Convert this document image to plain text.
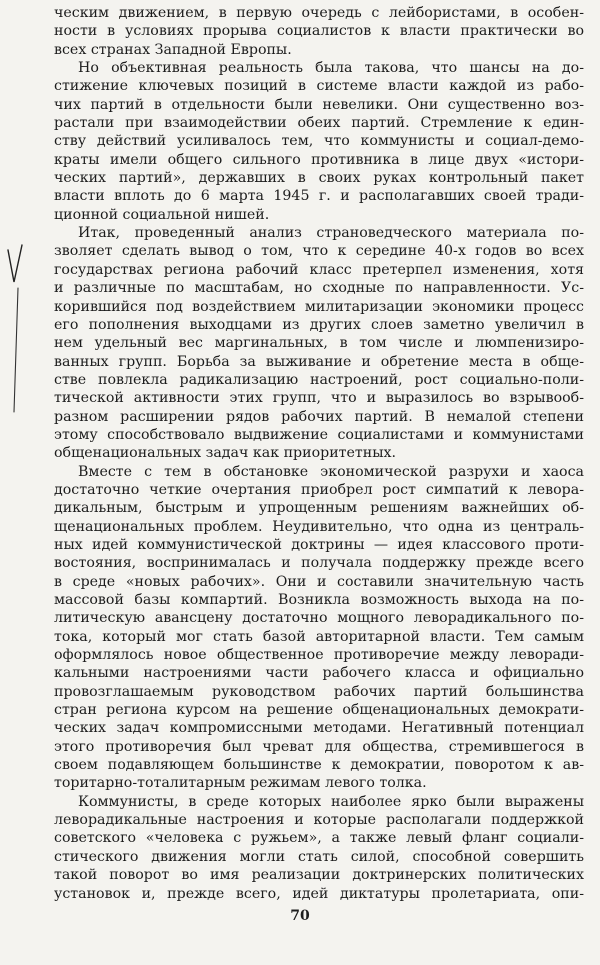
ческим движением, в первую очередь с лейбористами, в особен-
ности в условиях прорыва социалистов к власти практически во
всех странах Западной Европы.
Но объективная реальность была такова, что шансы на до-
стижение ключевых позиций в системе власти каждой из рабо-
чих партий в отдельности были невелики. Они существенно воз-
растали при взаимодействии обеих партий. Стремление к един-
ству действий усиливалось тем, что коммунисты и социал-демо-
краты имели общего сильного противника в лице двух «истори-
ческих партий», державших в своих руках контрольный пакет
власти вплоть до 6 марта 1945 г. и располагавших своей тради-
ционной социальной нишей.
Итак, проведенный анализ страноведческого материала по-
зволяет сделать вывод о том, что к середине 40-х годов во всех
государствах региона рабочий класс претерпел изменения, хотя
и различные по масштабам, но сходные по направленности. Ус-
корившийся под воздействием милитаризации экономики процесс
его пополнения выходцами из других слоев заметно увеличил в
нем удельный вес маргинальных, в том числе и люмпенизиро-
ванных групп. Борьба за выживание и обретение места в обще-
стве повлекла радикализацию настроений, рост социально-поли-
тической активности этих групп, что и выразилось во взрывооб-
разном расширении рядов рабочих партий. В немалой степени
этому способствовало выдвижение социалистами и коммунистами
общенациональных задач как приоритетных.
Вместе с тем в обстановке экономической разрухи и хаоса
достаточно четкие очертания приобрел рост симпатий к левора-
дикальным, быстрым и упрощенным решениям важнейших об-
щенациональных проблем. Неудивительно, что одна из централь-
ных идей коммунистической доктрины — идея классового проти-
востояния, воспринималась и получала поддержку прежде всего
в среде «новых рабочих». Они и составили значительную часть
массовой базы компартий. Возникла возможность выхода на по-
литическую авансцену достаточно мощного леворадикального по-
тока, который мог стать базой авторитарной власти. Тем самым
оформлялось новое общественное противоречие между леворади-
кальными настроениями части рабочего класса и официально
провозглашаемым руководством рабочих партий большинства
стран региона курсом на решение общенациональных демократи-
ческих задач компромиссными методами. Негативный потенциал
этого противоречия был чреват для общества, стремившегося в
своем подавляющем большинстве к демократии, поворотом к ав-
торитарно-тоталитарным режимам левого толка.
Коммунисты, в среде которых наиболее ярко были выражены
леворадикальные настроения и которые располагали поддержкой
советского «человека с ружьем», а также левый фланг социали-
стического движения могли стать силой, способной совершить
такой поворот во имя реализации доктринерских политических
установок и, прежде всего, идей диктатуры пролетариата, опи-
70
